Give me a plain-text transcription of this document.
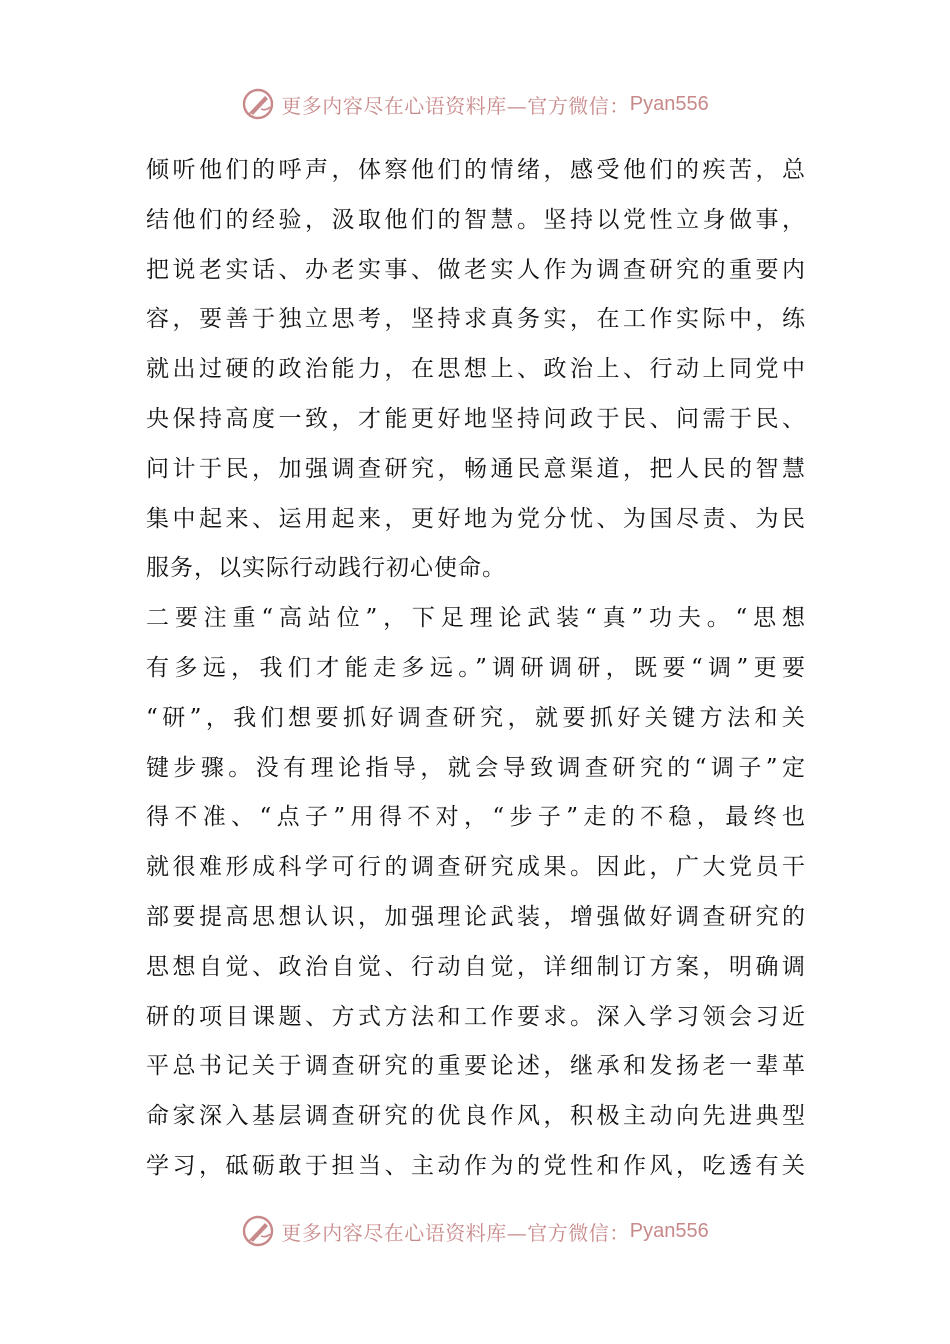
更多内容尽在心语资料库—官方微信： Pyan556
倾听他们的呼声，体察他们的情绪，感受他们的疾苦，总
结他们的经验，汲取他们的智慧。坚持以党性立身做事，
把说老实话、办老实事、做老实人作为调查研究的重要内
容，要善于独立思考，坚持求真务实，在工作实际中，练
就出过硬的政治能力，在思想上、政治上、行动上同党中
央保持高度一致，才能更好地坚持问政于民、问需于民、
问计于民，加强调查研究，畅通民意渠道，把人民的智慧
集中起来、运用起来，更好地为党分忧、为国尽责、为民
服务，以实际行动践行初心使命。
二要注重“高站位”，下足理论武装“真”功夫。“思想
有多远，我们才能走多远。”调研调研，既要“调”更要
“研”，我们想要抓好调查研究，就要抓好关键方法和关
键步骤。没有理论指导，就会导致调查研究的“调子”定
得不准、“点子”用得不对，“步子”走的不稳，最终也
就很难形成科学可行的调查研究成果。因此，广大党员干
部要提高思想认识，加强理论武装，增强做好调查研究的
思想自觉、政治自觉、行动自觉，详细制订方案，明确调
研的项目课题、方式方法和工作要求。深入学习领会习近
平总书记关于调查研究的重要论述，继承和发扬老一辈革
命家深入基层调查研究的优良作风，积极主动向先进典型
学习，砥砺敢于担当、主动作为的党性和作风，吃透有关
更多内容尽在心语资料库—官方微信： Pyan556
